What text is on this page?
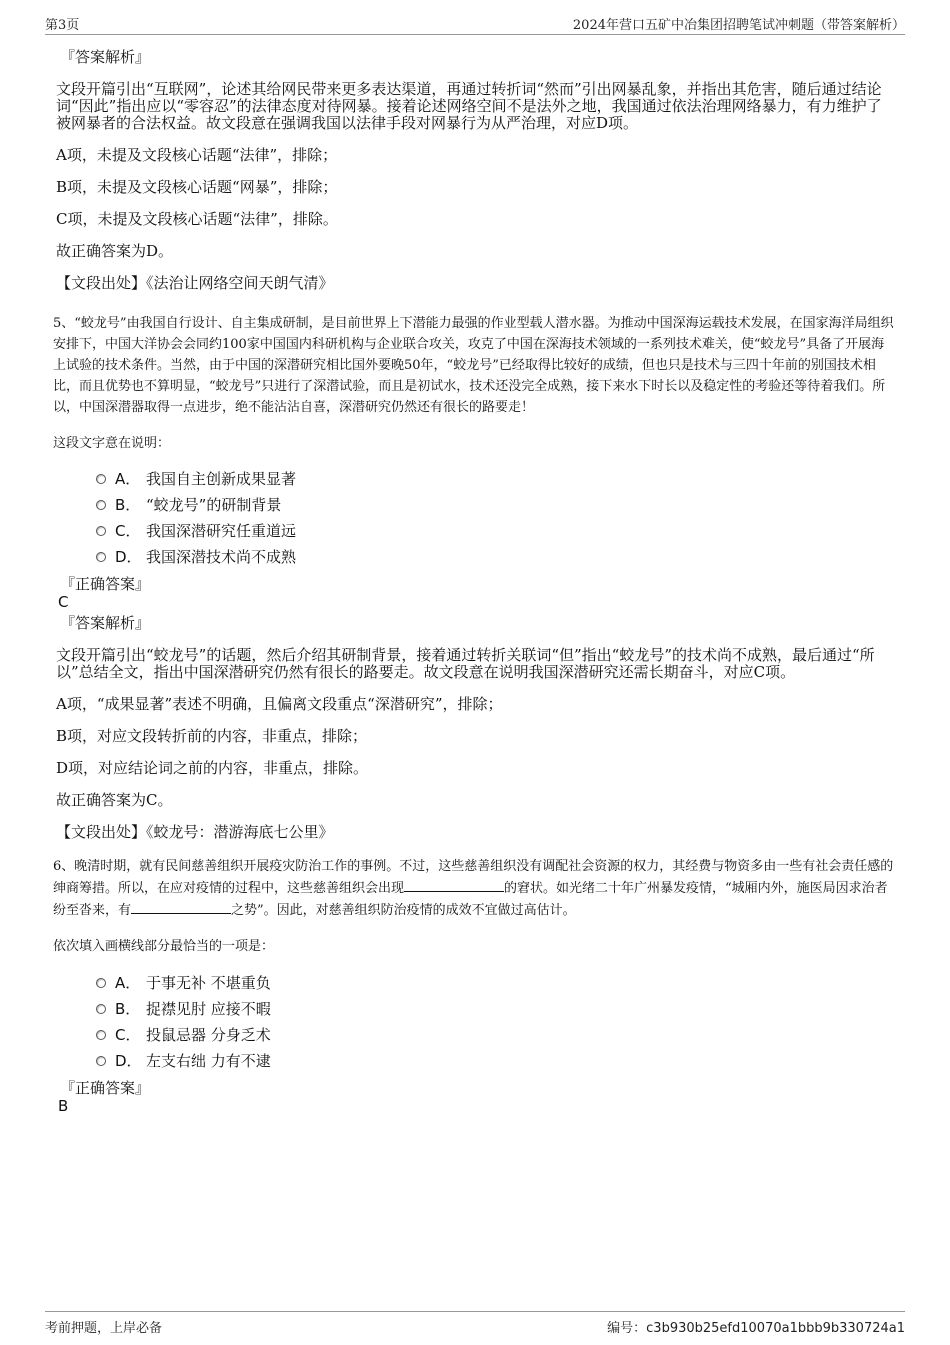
第3页	2024年营口五矿中冶集团招聘笔试冲刺题（带答案解析）

『答案解析』

文段开篇引出“互联网”，论述其给网民带来更多表达渠道，再通过转折词“然而”引出网暴乱象，并指出其危害，随后通过结论词“因此”指出应以“零容忍”的法律态度对待网暴。接着论述网络空间不是法外之地，我国通过依法治理网络暴力，有力维护了被网暴者的合法权益。故文段意在强调我国以法律手段对网暴行为从严治理，对应D项。

A项，未提及文段核心话题“法律”，排除；

B项，未提及文段核心话题“网暴”，排除；

C项，未提及文段核心话题“法律”，排除。

故正确答案为D。

【文段出处】《法治让网络空间天朗气清》

5、“蛟龙号”由我国自行设计、自主集成研制，是目前世界上下潜能力最强的作业型载人潜水器。为推动中国深海运载技术发展，在国家海洋局组织安排下，中国大洋协会会同约100家中国国内科研机构与企业联合攻关，攻克了中国在深海技术领域的一系列技术难关，使“蛟龙号”具备了开展海上试验的技术条件。当然，由于中国的深潜研究相比国外要晚50年，“蛟龙号”已经取得比较好的成绩，但也只是技术与三四十年前的别国技术相比，而且优势也不算明显，“蛟龙号”只进行了深潜试验，而且是初试水，技术还没完全成熟，接下来水下时长以及稳定性的考验还等待着我们。所以，中国深潜器取得一点进步，绝不能沾沾自喜，深潜研究仍然还有很长的路要走！

这段文字意在说明：

A． 我国自主创新成果显著
B． “蛟龙号”的研制背景
C． 我国深潜研究任重道远
D． 我国深潜技术尚不成熟

『正确答案』

C

『答案解析』

文段开篇引出“蛟龙号”的话题，然后介绍其研制背景，接着通过转折关联词“但”指出“蛟龙号”的技术尚不成熟，最后通过“所以”总结全文，指出中国深潜研究仍然有很长的路要走。故文段意在说明我国深潜研究还需长期奋斗，对应C项。

A项，“成果显著”表述不明确，且偏离文段重点“深潜研究”，排除；

B项，对应文段转折前的内容，非重点，排除；

D项，对应结论词之前的内容，非重点，排除。

故正确答案为C。

【文段出处】《蛟龙号：潜游海底七公里》

6、晚清时期，就有民间慈善组织开展疫灾防治工作的事例。不过，这些慈善组织没有调配社会资源的权力，其经费与物资多由一些有社会责任感的绅商筹措。所以，在应对疫情的过程中，这些慈善组织会出现	的窘状。如光绪二十年广州暴发疫情，“城厢内外，施医局因求治者纷至沓来，有	之势”。因此，对慈善组织防治疫情的成效不宜做过高估计。

依次填入画横线部分最恰当的一项是：

A． 于事无补 不堪重负
B． 捉襟见肘 应接不暇
C． 投鼠忌器 分身乏术
D． 左支右绌 力有不逮

『正确答案』

B

考前押题，上岸必备	编号：c3b930b25efd10070a1bbb9b330724a1
